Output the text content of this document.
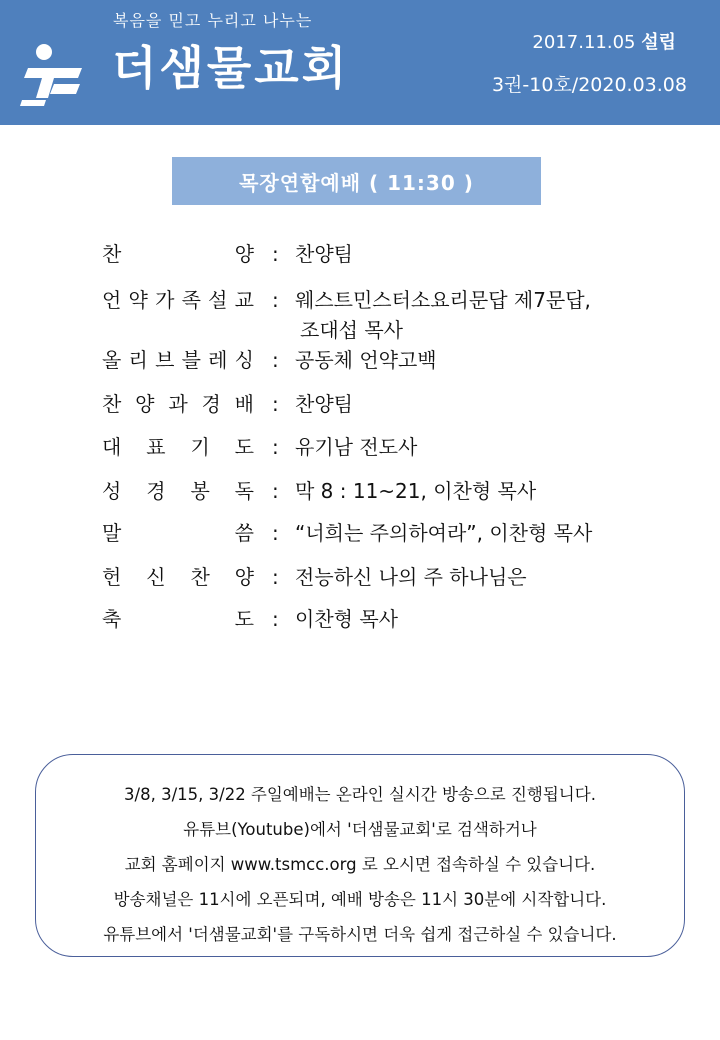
복음을 믿고 누리고 나누는
더샘물교회	2017.11.05 설립
3권-10호/2020.03.08
목장연합예배 ( 11:30 )
찬	양 : 찬양팀
언 약 가 족 설 교 : 웨스트민스터소요리문답 제7문답,
조대섭 목사
올 리 브 블 레 싱 : 공동체 언약고백
찬 양 과 경 배 : 찬양팀
대 표 기 도 : 유기남 전도사
성 경 봉 독 : 막 8 : 11~21, 이찬형 목사
말	씀 : “너희는 주의하여라”, 이찬형 목사
헌 신 찬 양 : 전능하신 나의 주 하나님은
축	도 : 이찬형 목사
3/8, 3/15, 3/22 주일예배는 온라인 실시간 방송으로 진행됩니다.
유튜브(Youtube)에서 '더샘물교회'로 검색하거나
교회 홈페이지 www.tsmcc.org 로 오시면 접속하실 수 있습니다.
방송채널은 11시에 오픈되며, 예배 방송은 11시 30분에 시작합니다.
유튜브에서 '더샘물교회'를 구독하시면 더욱 쉽게 접근하실 수 있습니다.
